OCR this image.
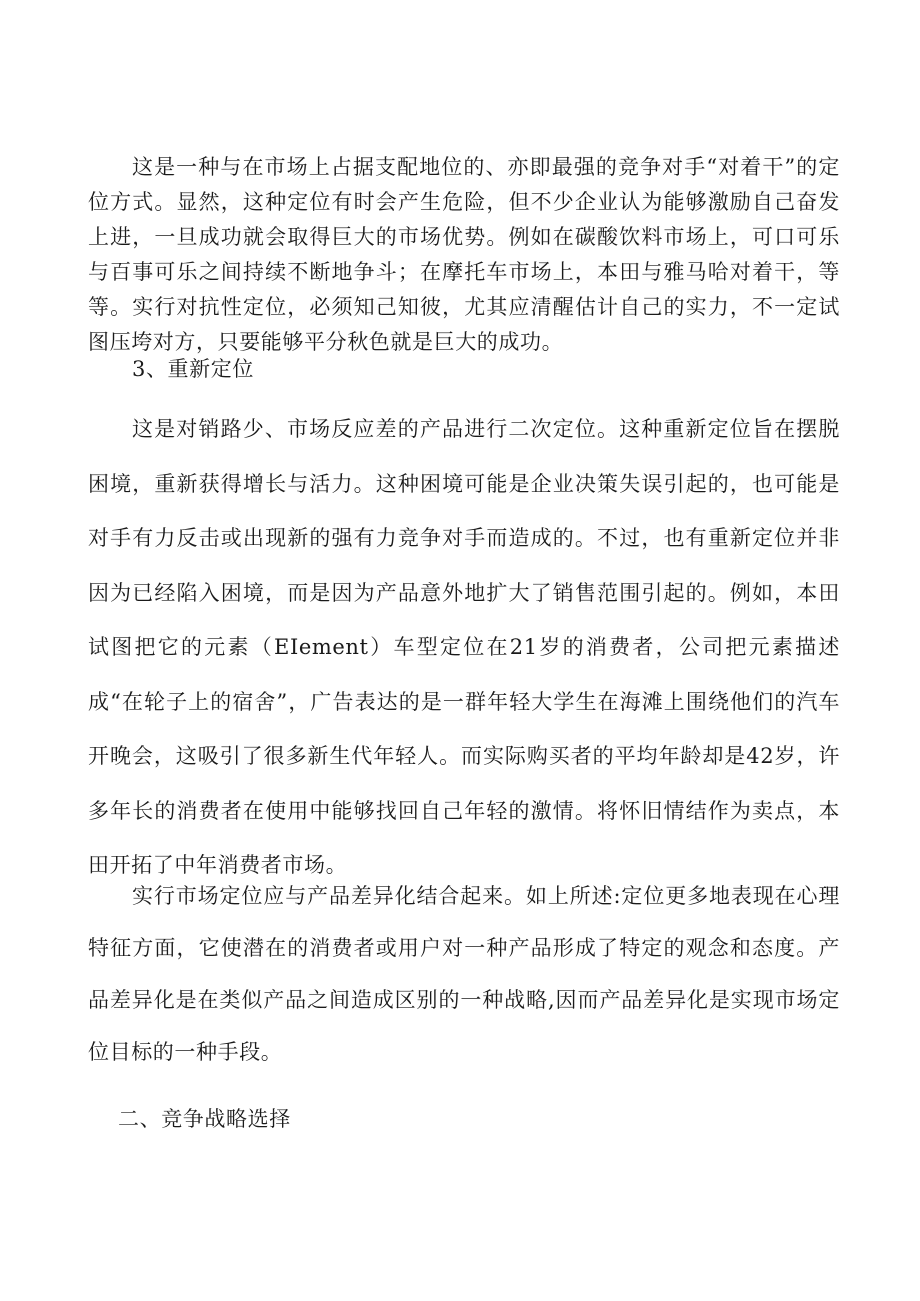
这是一种与在市场上占据支配地位的、亦即最强的竞争对手“对着干”的定位方式。显然，这种定位有时会产生危险，但不少企业认为能够激励自己奋发上进，一旦成功就会取得巨大的市场优势。例如在碳酸饮料市场上，可口可乐与百事可乐之间持续不断地争斗；在摩托车市场上，本田与雅马哈对着干，等等。实行对抗性定位，必须知己知彼，尤其应清醒估计自己的实力，不一定试图压垮对方，只要能够平分秋色就是巨大的成功。

3、重新定位

这是对销路少、市场反应差的产品进行二次定位。这种重新定位旨在摆脱困境，重新获得增长与活力。这种困境可能是企业决策失误引起的，也可能是对手有力反击或出现新的强有力竞争对手而造成的。不过，也有重新定位并非因为已经陷入困境，而是因为产品意外地扩大了销售范围引起的。例如，本田试图把它的元素（EIement）车型定位在21岁的消费者，公司把元素描述成“在轮子上的宿舍”，广告表达的是一群年轻大学生在海滩上围绕他们的汽车开晚会，这吸引了很多新生代年轻人。而实际购买者的平均年龄却是42岁，许多年长的消费者在使用中能够找回自己年轻的激情。将怀旧情结作为卖点，本田开拓了中年消费者市场。

实行市场定位应与产品差异化结合起来。如上所述:定位更多地表现在心理特征方面，它使潜在的消费者或用户对一种产品形成了特定的观念和态度。产品差异化是在类似产品之间造成区别的一种战略,因而产品差异化是实现市场定位目标的一种手段。

二、竞争战略选择
